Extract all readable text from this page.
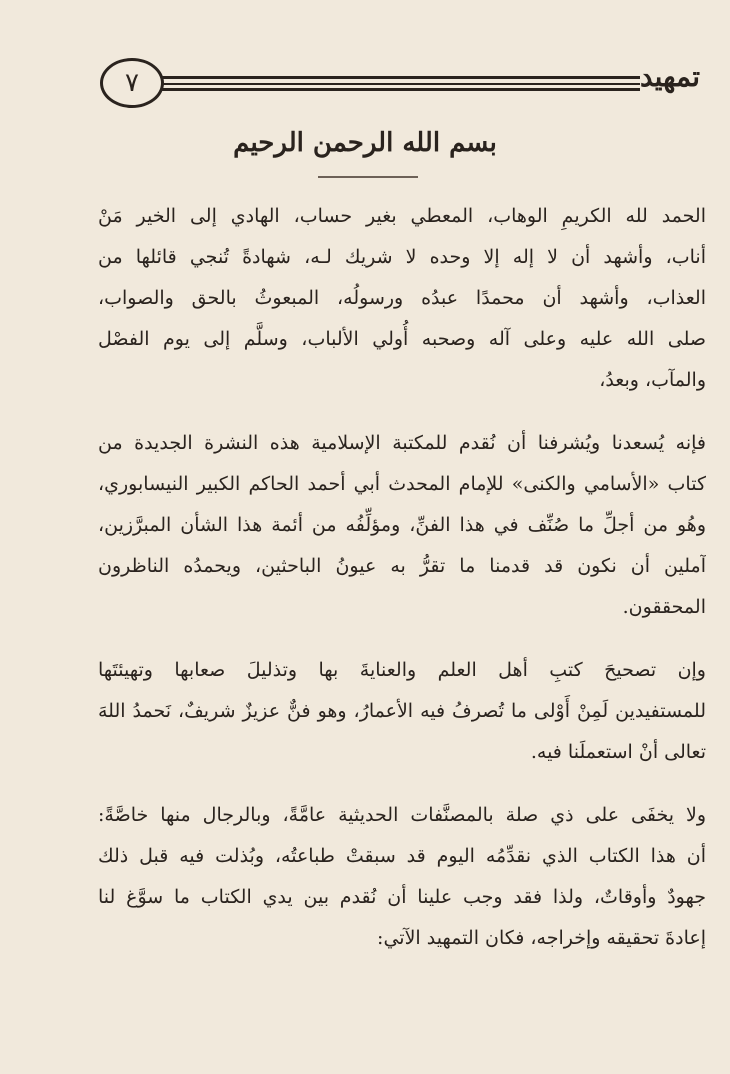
٧	تمهيد
بسم الله الرحمن الرحيم
الحمد لله الكريمِ الوهاب، المعطي بغير حساب، الهادي إلى الخير مَنْ
أناب، وأشهد أن لا إله إلا وحده لا شريك لـه، شهادةً تُنجي قائلها من
العذاب، وأشهد أن محمدًا عبدُه ورسولُه، المبعوثُ بالحق والصواب،
صلى الله عليه وعلى آله وصحبه أُولي الألباب، وسلَّم إلى يوم الفصْل
والمآب، وبعدُ،
فإنه يُسعدنا ويُشرفنا أن نُقدم للمكتبة الإسلامية هذه النشرة الجديدة من
كتاب «الأسامي والكنى» للإمام المحدث أبي أحمد الحاكم الكبير النيسابوري،
وهُو من أجلِّ ما صُنِّف في هذا الفنِّ، ومؤلِّفُه من أئمة هذا الشأن المبرَّزين،
آملين أن نكون قد قدمنا ما تقرُّ به عيونُ الباحثين، ويحمدُه الناظرون
المحققون.
وإن تصحيحَ كتبِ أهل العلم والعنايةَ بها وتذليلَ صعابها وتهيئتَها
للمستفيدين لَمِنْ أَوْلى ما تُصرفُ فيه الأعمارُ، وهو فنٌّ عزيزٌ شريفٌ، نَحمدُ اللهَ
تعالى أنْ استعملَنا فيه.
ولا يخفَى على ذي صلة بالمصنَّفات الحديثية عامَّةً، وبالرجال منها خاصَّةً:
أن هذا الكتاب الذي نقدِّمُه اليوم قد سبقتْ طباعتُه، وبُذلت فيه قبل ذلك
جهودٌ وأوقاتٌ، ولذا فقد وجب علينا أن نُقدم بين يدي الكتاب ما سوَّغ لنا
إعادةَ تحقيقه وإخراجه، فكان التمهيد الآتي:
